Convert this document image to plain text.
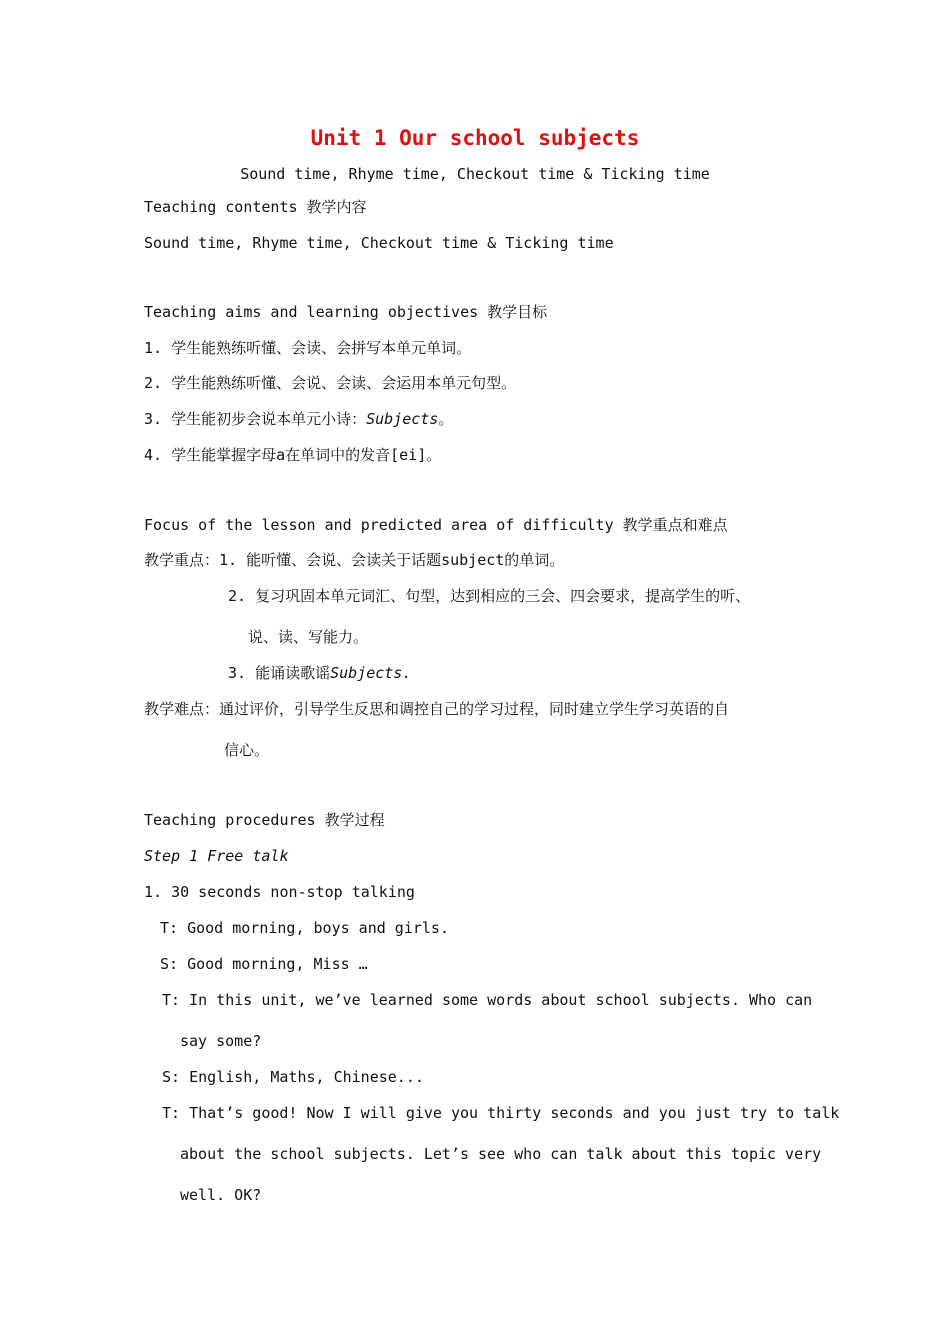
Unit 1 Our school subjects
Sound time, Rhyme time, Checkout time & Ticking time
Teaching contents 教学内容
Sound time, Rhyme time, Checkout time & Ticking time
Teaching aims and learning objectives 教学目标
1. 学生能熟练听懂、会读、会拼写本单元单词。
2. 学生能熟练听懂、会说、会读、会运用本单元句型。
3. 学生能初步会说本单元小诗：Subjects。
4. 学生能掌握字母a在单词中的发音[ei]。
Focus of the lesson and predicted area of difficulty 教学重点和难点
教学重点：1. 能听懂、会说、会读关于话题subject的单词。
2. 复习巩固本单元词汇、句型，达到相应的三会、四会要求，提高学生的听、
说、读、写能力。
3. 能诵读歌谣Subjects.
教学难点：通过评价，引导学生反思和调控自己的学习过程，同时建立学生学习英语的自
信心。
Teaching procedures 教学过程
Step 1 Free talk
1. 30 seconds non-stop talking
T: Good morning, boys and girls.
S: Good morning, Miss …
T: In this unit, we’ve learned some words about school subjects. Who can
say some?
S: English, Maths, Chinese...
T: That’s good! Now I will give you thirty seconds and you just try to talk
about the school subjects. Let’s see who can talk about this topic very
well. OK?
